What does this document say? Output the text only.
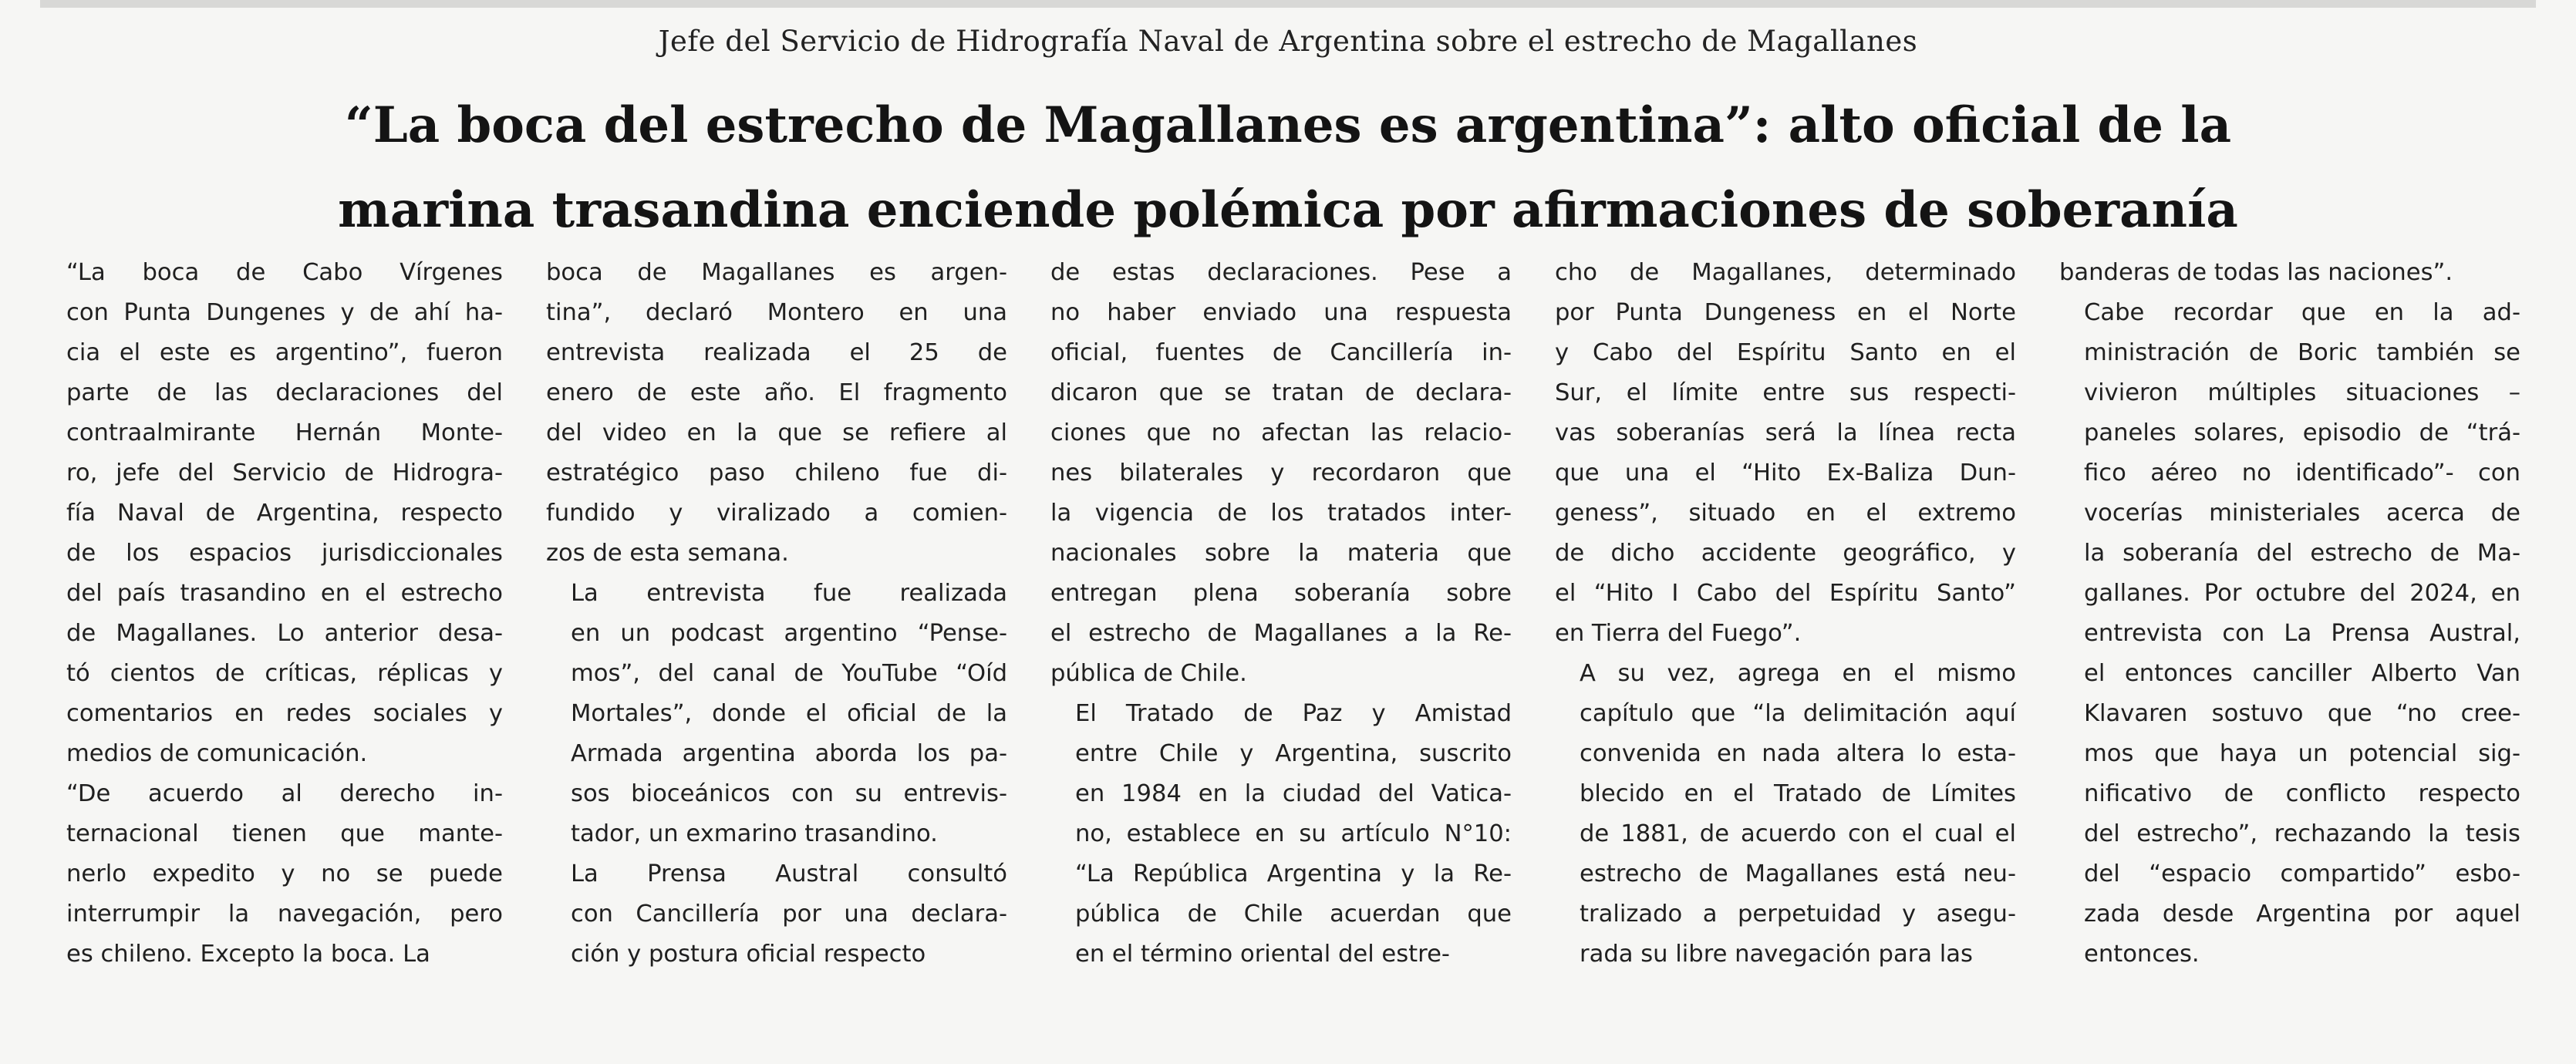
Jefe del Servicio de Hidrografía Naval de Argentina sobre el estrecho de Magallanes
“La boca del estrecho de Magallanes es argentina”: alto oficial de la
marina trasandina enciende polémica por afirmaciones de soberanía

“La boca de Cabo Vírgenes
con Punta Dungenes y de ahí ha-
cia el este es argentino”, fueron
parte de las declaraciones del
contraalmirante Hernán Monte-
ro, jefe del Servicio de Hidrogra-
fía Naval de Argentina, respecto
de los espacios jurisdiccionales
del país trasandino en el estrecho
de Magallanes. Lo anterior desa-
tó cientos de críticas, réplicas y
comentarios en redes sociales y
medios de comunicación.

“De acuerdo al derecho in-
ternacional tienen que mante-
nerlo expedito y no se puede
interrumpir la navegación, pero
es chileno. Excepto la boca. La

boca de Magallanes es argen-
tina”, declaró Montero en una
entrevista realizada el 25 de
enero de este año. El fragmento
del video en la que se refiere al
estratégico paso chileno fue di-
fundido y viralizado a comien-
zos de esta semana.

La entrevista fue realizada
en un podcast argentino “Pense-
mos”, del canal de YouTube “Oíd
Mortales”, donde el oficial de la
Armada argentina aborda los pa-
sos bioceánicos con su entrevis-
tador, un exmarino trasandino.

La Prensa Austral consultó
con Cancillería por una declara-
ción y postura oficial respecto

de estas declaraciones. Pese a
no haber enviado una respuesta
oficial, fuentes de Cancillería in-
dicaron que se tratan de declara-
ciones que no afectan las relacio-
nes bilaterales y recordaron que
la vigencia de los tratados inter-
nacionales sobre la materia que
entregan plena soberanía sobre
el estrecho de Magallanes a la Re-
pública de Chile.

El Tratado de Paz y Amistad
entre Chile y Argentina, suscrito
en 1984 en la ciudad del Vatica-
no, establece en su artículo N°10:
“La República Argentina y la Re-
pública de Chile acuerdan que
en el término oriental del estre-

cho de Magallanes, determinado
por Punta Dungeness en el Norte
y Cabo del Espíritu Santo en el
Sur, el límite entre sus respecti-
vas soberanías será la línea recta
que una el “Hito Ex-Baliza Dun-
geness”, situado en el extremo
de dicho accidente geográfico, y
el “Hito I Cabo del Espíritu Santo”
en Tierra del Fuego”.

A su vez, agrega en el mismo
capítulo que “la delimitación aquí
convenida en nada altera lo esta-
blecido en el Tratado de Límites
de 1881, de acuerdo con el cual el
estrecho de Magallanes está neu-
tralizado a perpetuidad y asegu-
rada su libre navegación para las

banderas de todas las naciones”.

Cabe recordar que en la ad-
ministración de Boric también se
vivieron múltiples situaciones –
paneles solares, episodio de “trá-
fico aéreo no identificado”- con
vocerías ministeriales acerca de
la soberanía del estrecho de Ma-
gallanes. Por octubre del 2024, en
entrevista con La Prensa Austral,
el entonces canciller Alberto Van
Klavaren sostuvo que “no cree-
mos que haya un potencial sig-
nificativo de conflicto respecto
del estrecho”, rechazando la tesis
del “espacio compartido” esbo-
zada desde Argentina por aquel
entonces.
